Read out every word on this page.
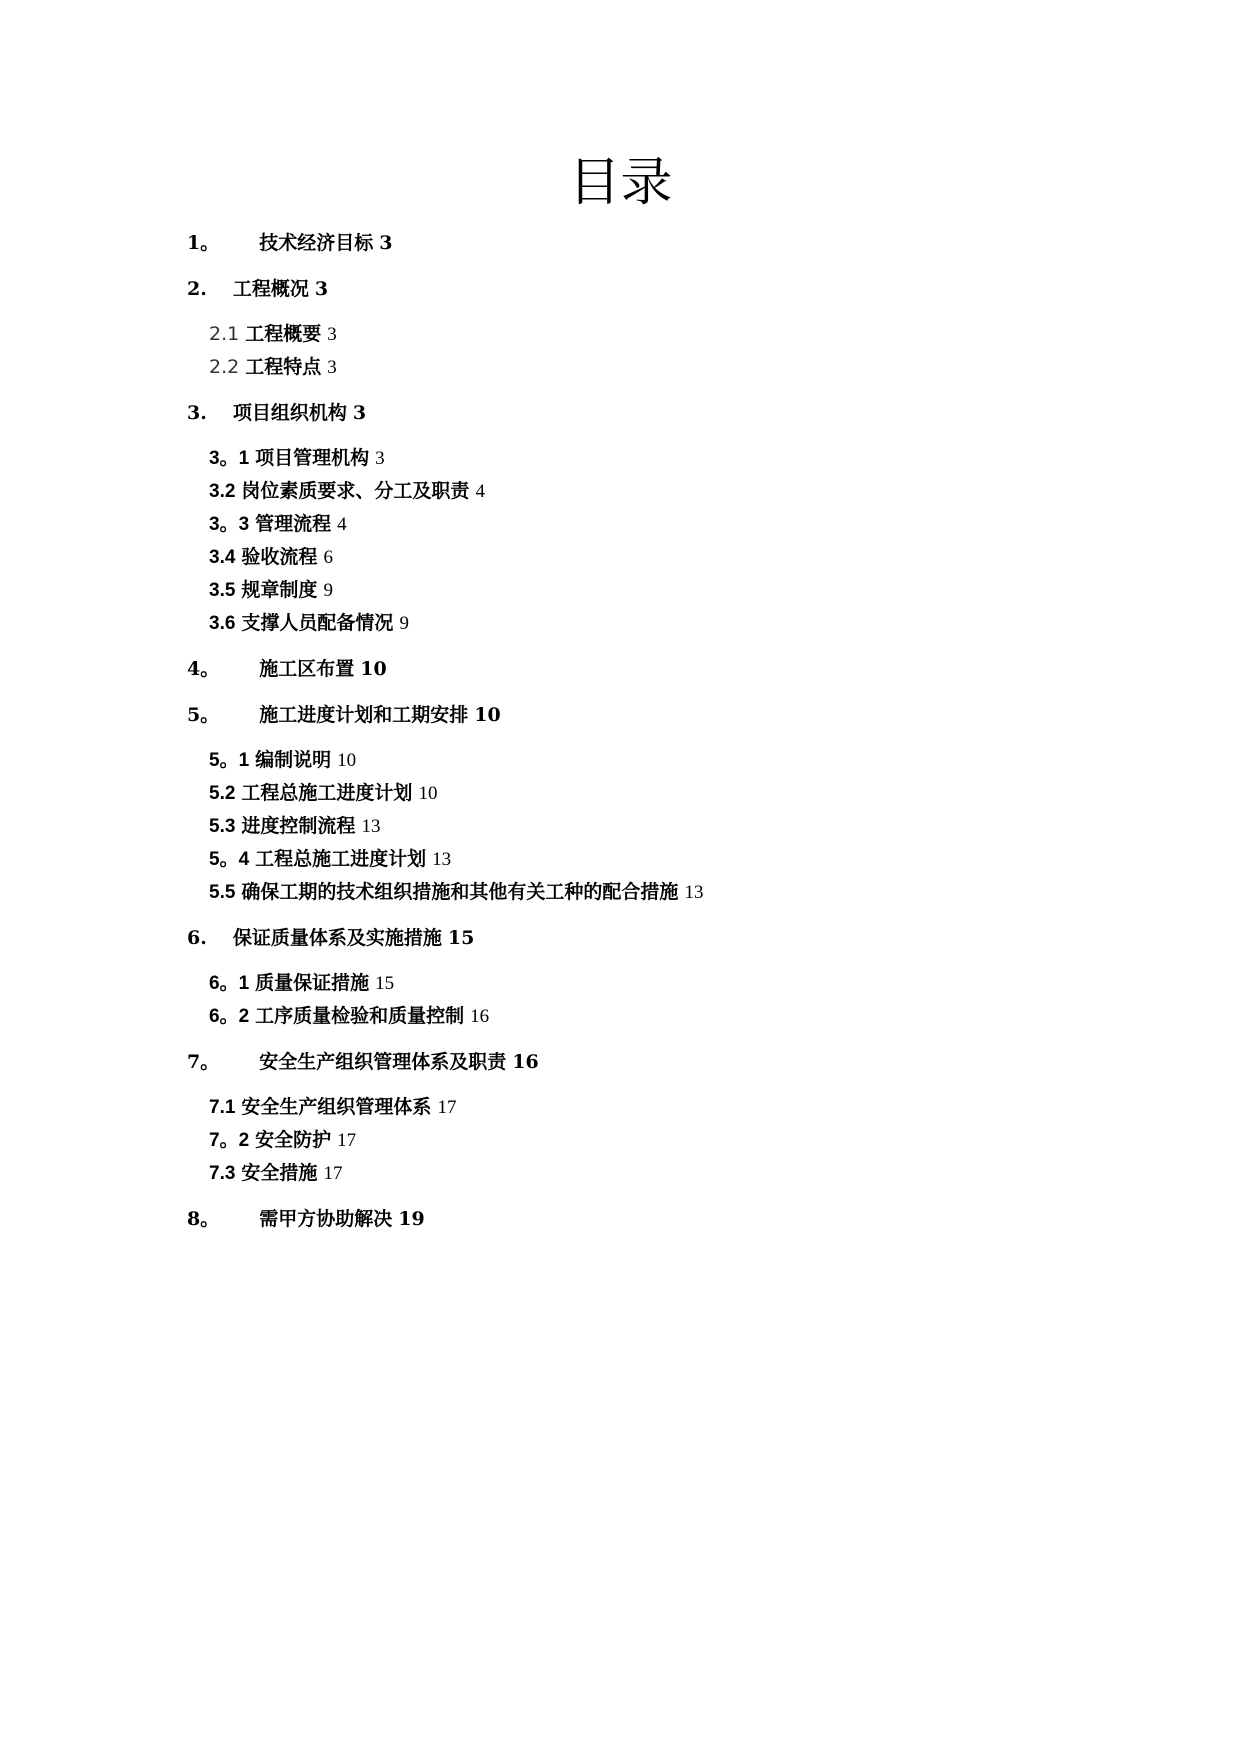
目录
1。 技术经济目标 3
2. 工程概况 3
2.1 工程概要 3
2.2 工程特点 3
3. 项目组织机构 3
3。1 项目管理机构 3
3.2 岗位素质要求、分工及职责 4
3。3 管理流程 4
3.4 验收流程 6
3.5 规章制度 9
3.6 支撑人员配备情况 9
4。 施工区布置 10
5。 施工进度计划和工期安排 10
5。1 编制说明 10
5.2 工程总施工进度计划 10
5.3 进度控制流程 13
5。4 工程总施工进度计划 13
5.5 确保工期的技术组织措施和其他有关工种的配合措施 13
6. 保证质量体系及实施措施 15
6。1 质量保证措施 15
6。2 工序质量检验和质量控制 16
7。 安全生产组织管理体系及职责 16
7.1 安全生产组织管理体系 17
7。2 安全防护 17
7.3 安全措施 17
8。 需甲方协助解决 19
